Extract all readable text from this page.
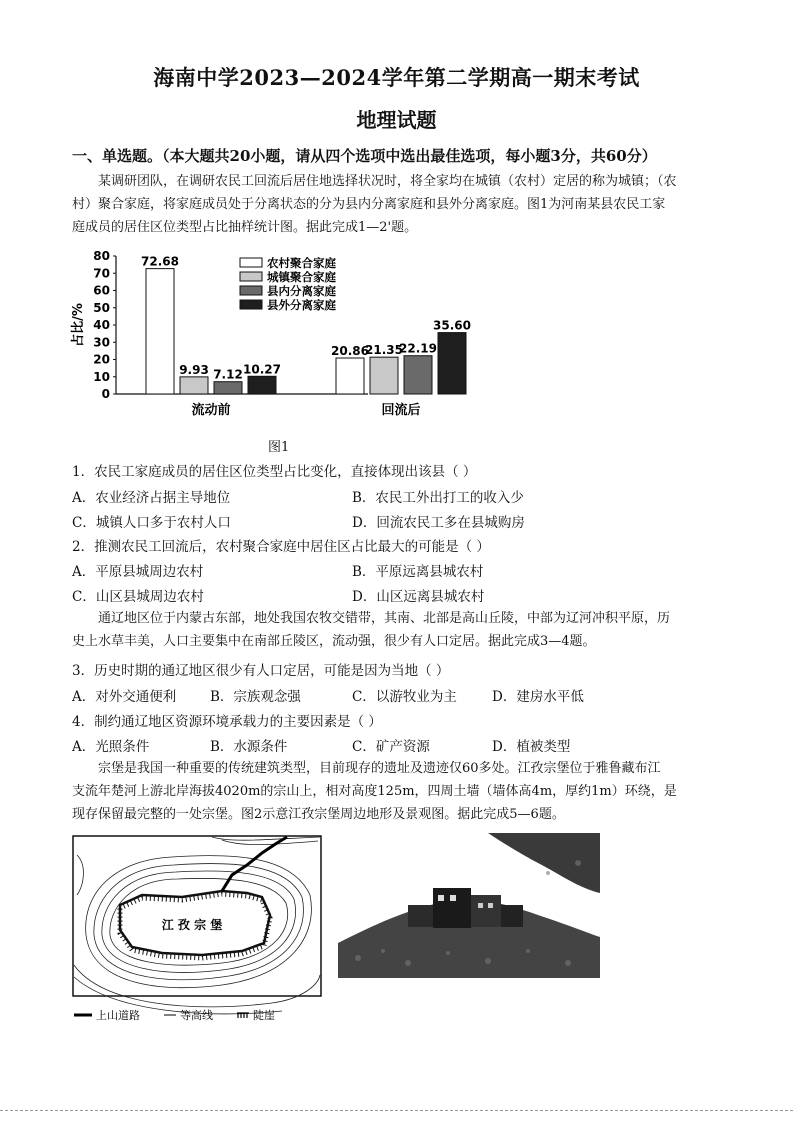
海南中学2023—2024学年第二学期高一期末考试
地理试题
一、单选题。（本大题共20小题，请从四个选项中选出最佳选项，每小题3分，共60分）
某调研团队，在调研农民工回流后居住地选择状况时，将全家均在城镇（农村）定居的称为城镇；（农
村）聚合家庭，将家庭成员处于分离状态的分为县内分离家庭和县外分离家庭。图1为河南某县农民工家
庭成员的居住区位类型占比抽样统计图。据此完成1—2'题。
0
10
20
30
40
50
60
70
80
占比/%
72.68
9.93 7.12 10.27
流动前
20.86
21.35
22.19
35.60
回流后
农村聚合家庭
城镇聚合家庭
县内分离家庭
县外分离家庭
图1
1．农民工家庭成员的居住区位类型占比变化，直接体现出该县（ ）
A．农业经济占据主导地位	B．农民工外出打工的收入少
C．城镇人口多于农村人口	D．回流农民工多在县城购房
2．推测农民工回流后，农村聚合家庭中居住区占比最大的可能是（ ）
A．平原县城周边农村	B．平原远离县城农村
C．山区县城周边农村	D．山区远离县城农村
通辽地区位于内蒙古东部，地处我国农牧交错带，其南、北部是高山丘陵，中部为辽河冲积平原，历
史上水草丰美，人口主要集中在南部丘陵区，流动强，很少有人口定居。据此完成3—4题。
3．历史时期的通辽地区很少有人口定居，可能是因为当地（ ）
A．对外交通便利	B．宗族观念强	C．以游牧业为主	D．建房水平低
4．制约通辽地区资源环境承载力的主要因素是（ ）
A．光照条件	B．水源条件	C．矿产资源	D．植被类型
宗堡是我国一种重要的传统建筑类型，目前现存的遗址及遗迹仅60多处。江孜宗堡位于雅鲁藏布江
支流年楚河上游北岸海拔4020m的宗山上，相对高度125m，四周土墙（墙体高4m，厚约1m）环绕，是
现存保留最完整的一处宗堡。图2示意江孜宗堡周边地形及景观图。据此完成5—6题。
江 孜 宗 堡
上山道路	等高线	陡崖
